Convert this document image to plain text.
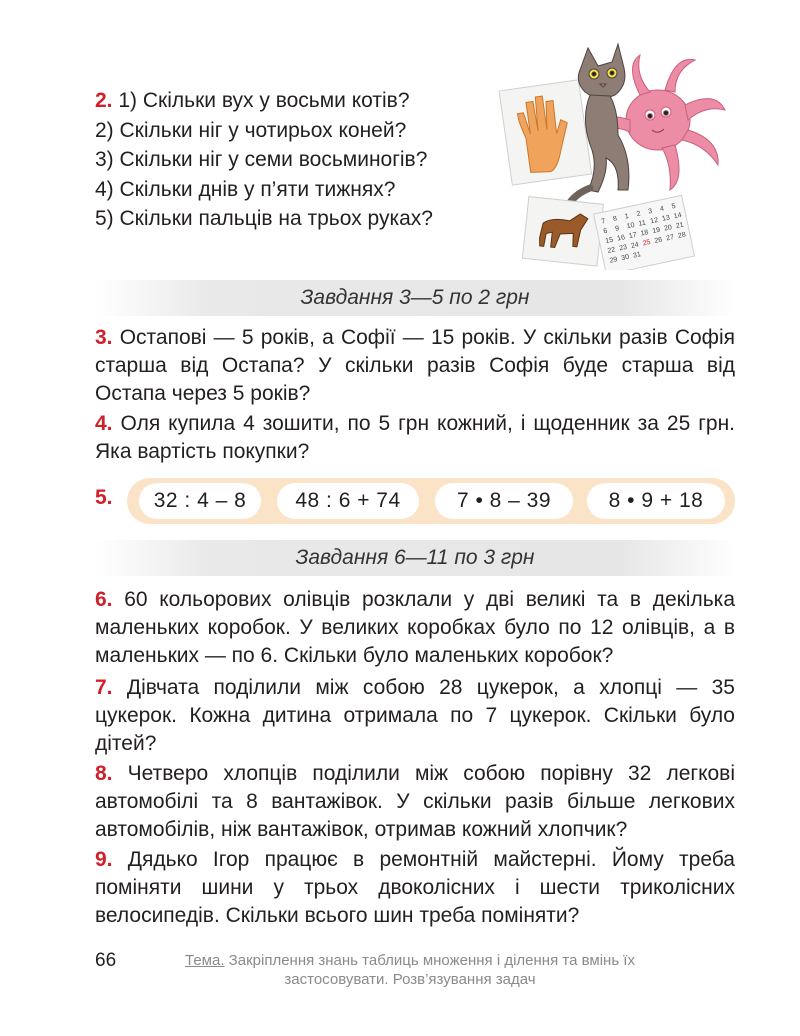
2. 1) Скільки вух у восьми котів?
2) Скільки ніг у чотирьох коней?
3) Скільки ніг у семи восьминогів?
4) Скільки днів у п’яти тижнях?
5) Скільки пальців на трьох руках?	7 8 1 2 3 4 5
6 9 10 11 12 13 14
15 16 17 18 19 20 21
22 23 24 25 26 27 28
29 30 31
Завдання 3—5 по 2 грн

3. Остапові — 5 років, а Софії — 15 років. У скільки разів Софія старша від Остапа? У скільки разів Софія буде старша від Остапа через 5 років?

4. Оля купила 4 зошити, по 5 грн кожний, і щоденник за 25 грн. Яка вартість покупки?

5.	32 : 4 – 8	48 : 6 + 74	7 • 8 – 39	8 • 9 + 18
Завдання 6—11 по 3 грн

6. 60 кольорових олівців розклали у дві великі та в декілька маленьких коробок. У великих коробках було по 12 олівців, а в маленьких — по 6. Скільки було маленьких коробок?

7. Дівчата поділили між собою 28 цукерок, а хлопці — 35 цукерок. Кожна дитина отримала по 7 цукерок. Скільки було дітей?

8. Четверо хлопців поділили між собою порівну 32 легкові автомобілі та 8 вантажівок. У скільки разів більше легкових автомобілів, ніж вантажівок, отримав кожний хлопчик?

9. Дядько Ігор працює в ремонтній майстерні. Йому треба поміняти шини у трьох двоколісних і шести триколісних велосипедів. Скільки всього шин треба поміняти?

66	Тема. Закріплення знань таблиць множення і ділення та вмінь їх застосовувати. Розв’язування задач
